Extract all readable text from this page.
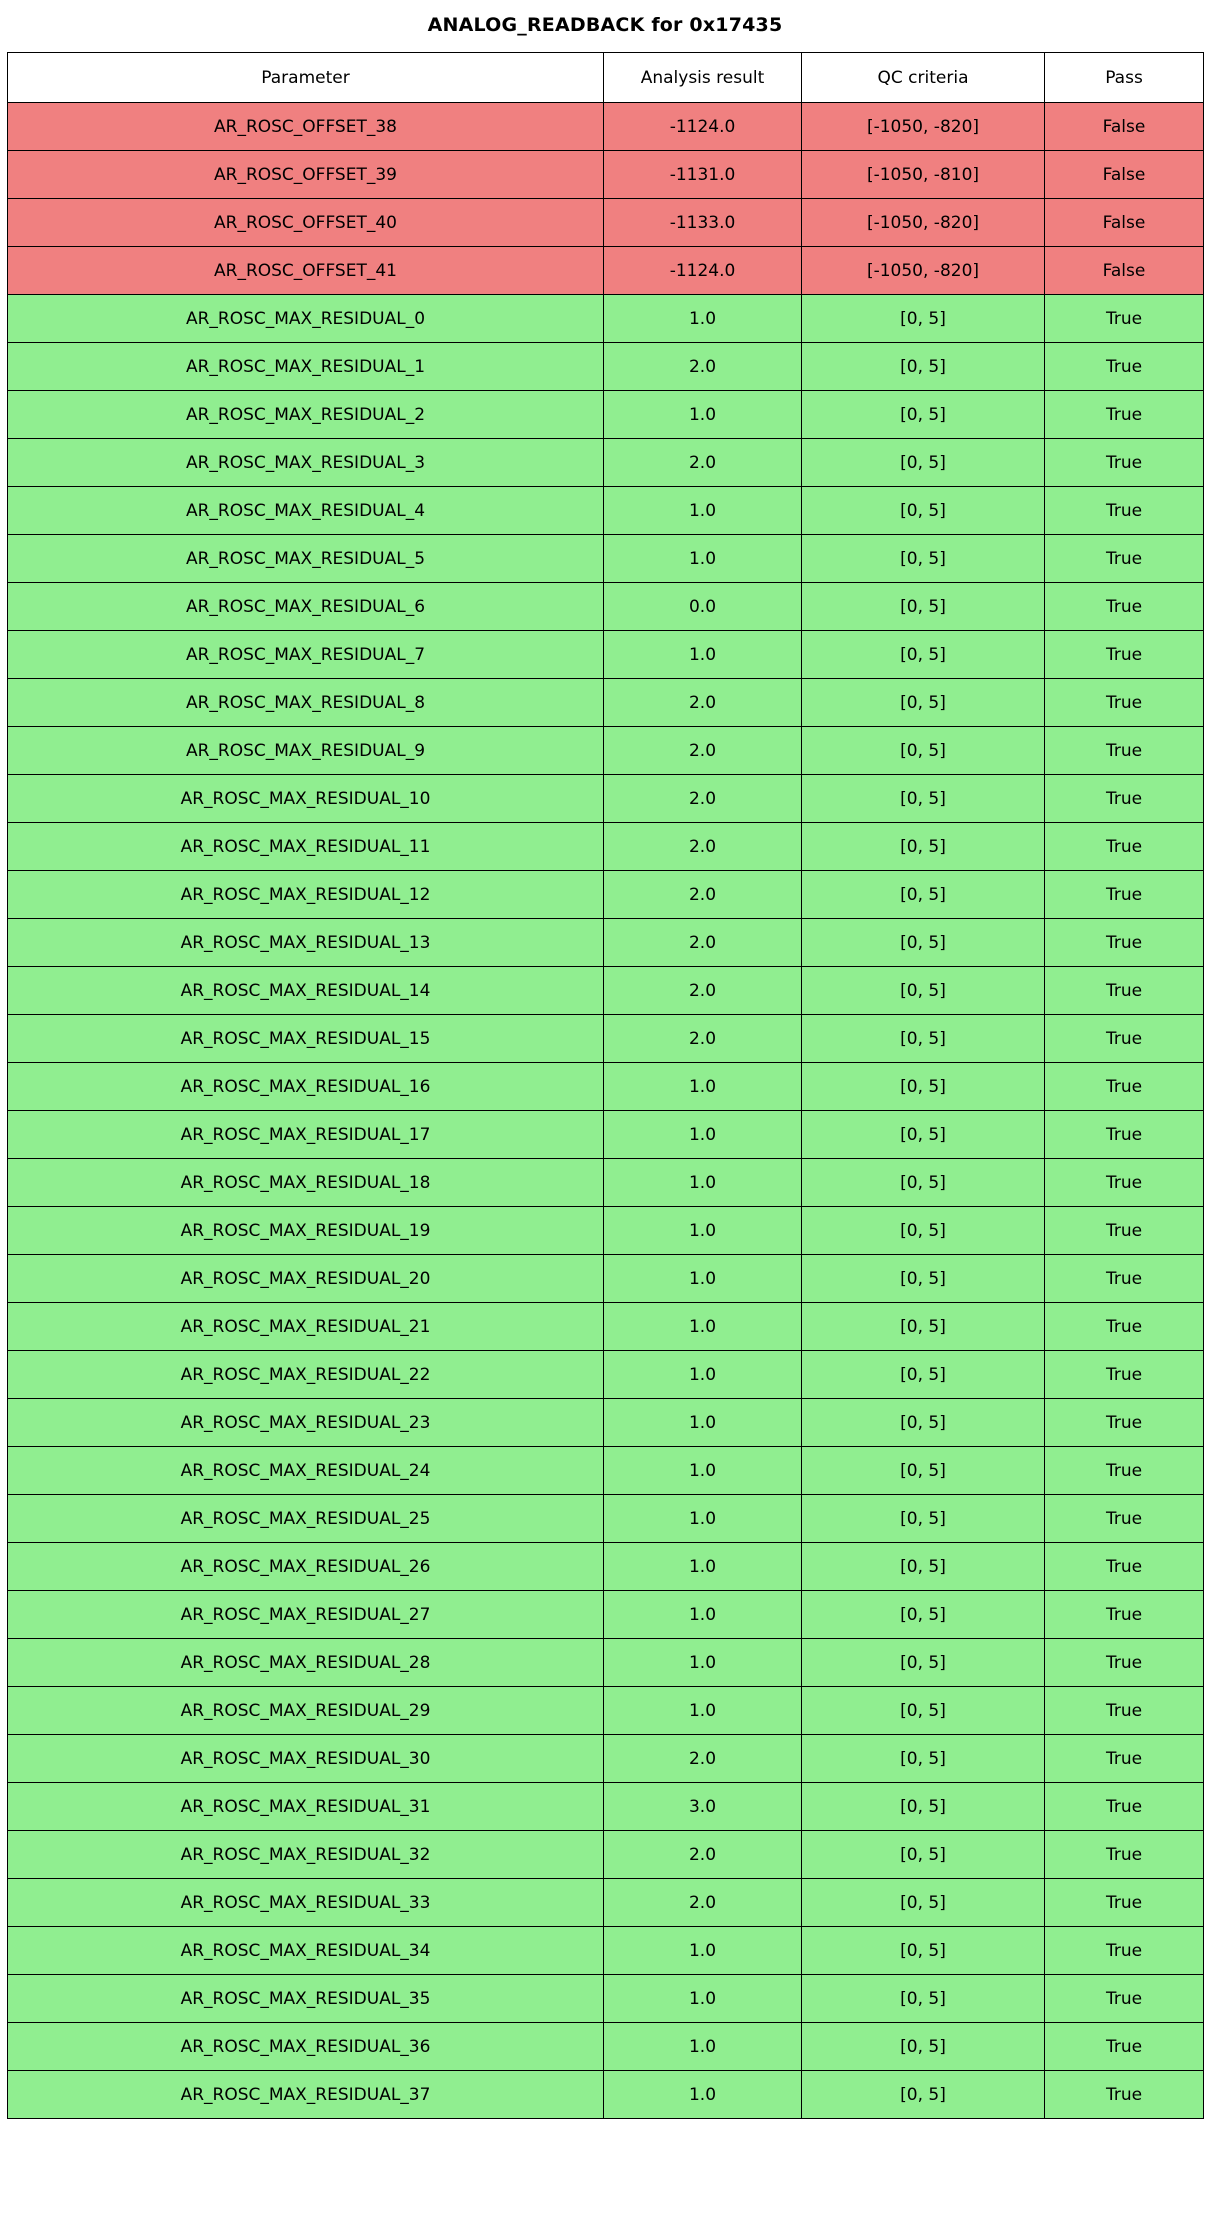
ANALOG_READBACK for 0x17435
Parameter	Analysis result	QC criteria	Pass
AR_ROSC_OFFSET_38	-1124.0	[-1050, -820]	False
AR_ROSC_OFFSET_39	-1131.0	[-1050, -810]	False
AR_ROSC_OFFSET_40	-1133.0	[-1050, -820]	False
AR_ROSC_OFFSET_41	-1124.0	[-1050, -820]	False
AR_ROSC_MAX_RESIDUAL_0	1.0	[0, 5]	True
AR_ROSC_MAX_RESIDUAL_1	2.0	[0, 5]	True
AR_ROSC_MAX_RESIDUAL_2	1.0	[0, 5]	True
AR_ROSC_MAX_RESIDUAL_3	2.0	[0, 5]	True
AR_ROSC_MAX_RESIDUAL_4	1.0	[0, 5]	True
AR_ROSC_MAX_RESIDUAL_5	1.0	[0, 5]	True
AR_ROSC_MAX_RESIDUAL_6	0.0	[0, 5]	True
AR_ROSC_MAX_RESIDUAL_7	1.0	[0, 5]	True
AR_ROSC_MAX_RESIDUAL_8	2.0	[0, 5]	True
AR_ROSC_MAX_RESIDUAL_9	2.0	[0, 5]	True
AR_ROSC_MAX_RESIDUAL_10	2.0	[0, 5]	True
AR_ROSC_MAX_RESIDUAL_11	2.0	[0, 5]	True
AR_ROSC_MAX_RESIDUAL_12	2.0	[0, 5]	True
AR_ROSC_MAX_RESIDUAL_13	2.0	[0, 5]	True
AR_ROSC_MAX_RESIDUAL_14	2.0	[0, 5]	True
AR_ROSC_MAX_RESIDUAL_15	2.0	[0, 5]	True
AR_ROSC_MAX_RESIDUAL_16	1.0	[0, 5]	True
AR_ROSC_MAX_RESIDUAL_17	1.0	[0, 5]	True
AR_ROSC_MAX_RESIDUAL_18	1.0	[0, 5]	True
AR_ROSC_MAX_RESIDUAL_19	1.0	[0, 5]	True
AR_ROSC_MAX_RESIDUAL_20	1.0	[0, 5]	True
AR_ROSC_MAX_RESIDUAL_21	1.0	[0, 5]	True
AR_ROSC_MAX_RESIDUAL_22	1.0	[0, 5]	True
AR_ROSC_MAX_RESIDUAL_23	1.0	[0, 5]	True
AR_ROSC_MAX_RESIDUAL_24	1.0	[0, 5]	True
AR_ROSC_MAX_RESIDUAL_25	1.0	[0, 5]	True
AR_ROSC_MAX_RESIDUAL_26	1.0	[0, 5]	True
AR_ROSC_MAX_RESIDUAL_27	1.0	[0, 5]	True
AR_ROSC_MAX_RESIDUAL_28	1.0	[0, 5]	True
AR_ROSC_MAX_RESIDUAL_29	1.0	[0, 5]	True
AR_ROSC_MAX_RESIDUAL_30	2.0	[0, 5]	True
AR_ROSC_MAX_RESIDUAL_31	3.0	[0, 5]	True
AR_ROSC_MAX_RESIDUAL_32	2.0	[0, 5]	True
AR_ROSC_MAX_RESIDUAL_33	2.0	[0, 5]	True
AR_ROSC_MAX_RESIDUAL_34	1.0	[0, 5]	True
AR_ROSC_MAX_RESIDUAL_35	1.0	[0, 5]	True
AR_ROSC_MAX_RESIDUAL_36	1.0	[0, 5]	True
AR_ROSC_MAX_RESIDUAL_37	1.0	[0, 5]	True
